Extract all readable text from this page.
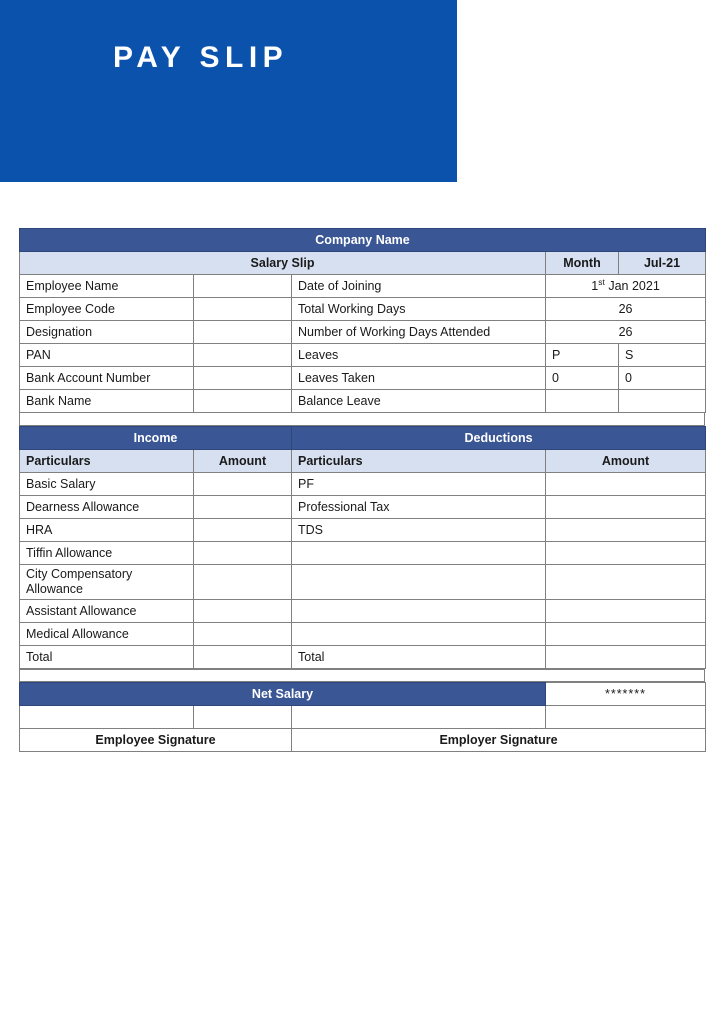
PAY SLIP
Company Name				
Salary Slip			Month	Jul-21
Employee Name		Date of Joining	1st Jan 2021	
Employee Code		Total Working Days	26	
Designation		Number of Working Days Attended	26	
PAN		Leaves	P	S
Bank Account Number		Leaves Taken	0	0
Bank Name		Balance Leave		
Income		Deductions	
Particulars	Amount	Particulars	Amount
Basic Salary		PF	
Dearness Allowance		Professional Tax	
HRA		TDS	
Tiffin Allowance			
City Compensatory Allowance			
Assistant Allowance			
Medical Allowance			
Total		Total	
Net Salary			*******

Employee Signature		Employer Signature	
